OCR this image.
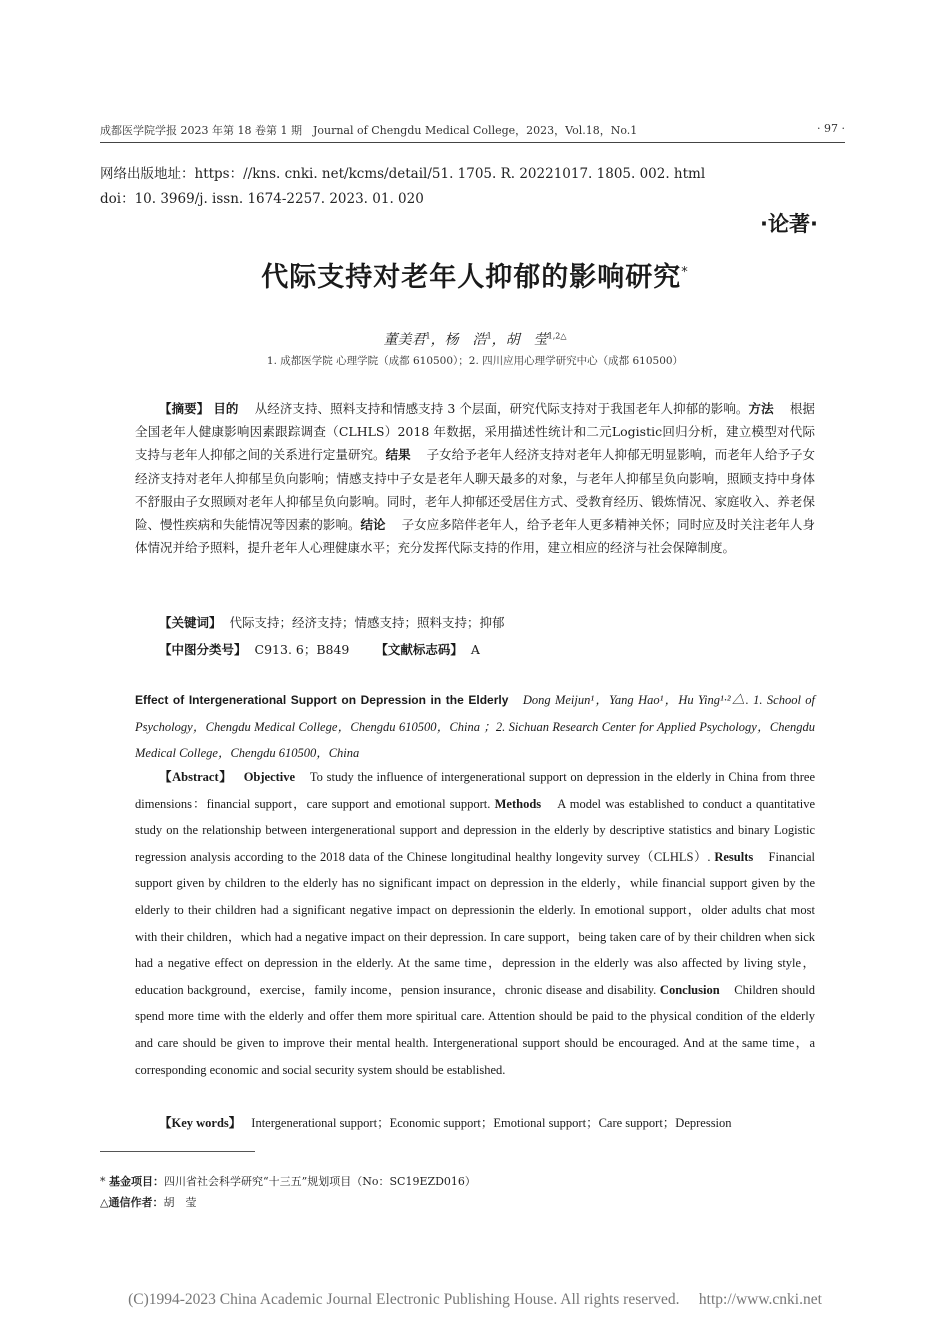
成都医学院学报 2023 年第 18 卷第 1 期　Journal of Chengdu Medical College，2023，Vol.18，No.1	· 97 ·
网络出版地址：https：//kns. cnki. net/kcms/detail/51. 1705. R. 20221017. 1805. 002. html
doi：10. 3969/j. issn. 1674-2257. 2023. 01. 020
·论著·
代际支持对老年人抑郁的影响研究*
董美君$^1$，杨　浩$^1$，胡　莹$^{1,2\triangle}$
1. 成都医学院 心理学院（成都 610500）；2. 四川应用心理学研究中心（成都 610500）
【摘要】 目的 从经济支持、照料支持和情感支持 3 个层面，研究代际支持对于我国老年人抑郁的影响。方法 根据全国老年人健康影响因素跟踪调查（CLHLS）2018 年数据，采用描述性统计和二元Logistic回归分析，建立模型对代际支持与老年人抑郁之间的关系进行定量研究。结果 子女给予老年人经济支持对老年人抑郁无明显影响，而老年人给予子女经济支持对老年人抑郁呈负向影响；情感支持中子女是老年人聊天最多的对象，与老年人抑郁呈负向影响，照顾支持中身体不舒服由子女照顾对老年人抑郁呈负向影响。同时，老年人抑郁还受居住方式、受教育经历、锻炼情况、家庭收入、养老保险、慢性疾病和失能情况等因素的影响。结论 子女应多陪伴老年人，给予老年人更多精神关怀；同时应及时关注老年人身体情况并给予照料，提升老年人心理健康水平；充分发挥代际支持的作用，建立相应的经济与社会保障制度。
【关键词】 代际支持；经济支持；情感支持；照料支持；抑郁
【中图分类号】 C913. 6；B849 【文献标志码】 A
Effect of Intergenerational Support on Depression in the Elderly Dong Meijun¹，Yang Hao¹，Hu Ying¹·²△. 1. School of Psychology，Chengdu Medical College，Chengdu 610500，China ；2. Sichuan Research Center for Applied Psychology，Chengdu Medical College，Chengdu 610500，China
【Abstract】 Objective To study the influence of intergenerational support on depression in the elderly in China from three dimensions：financial support，care support and emotional support. Methods A model was established to conduct a quantitative study on the relationship between intergenerational support and depression in the elderly by descriptive statistics and binary Logistic regression analysis according to the 2018 data of the Chinese longitudinal healthy longevity survey（CLHLS）. Results Financial support given by children to the elderly has no significant impact on depression in the elderly，while financial support given by the elderly to their children had a significant negative impact on depressionin the elderly. In emotional support，older adults chat most with their children，which had a negative impact on their depression. In care support，being taken care of by their children when sick had a negative effect on depression in the elderly. At the same time，depression in the elderly was also affected by living style，education background，exercise，family income，pension insurance，chronic disease and disability. Conclusion Children should spend more time with the elderly and offer them more spiritual care. Attention should be paid to the physical condition of the elderly and care should be given to improve their mental health. Intergenerational support should be encouraged. And at the same time，a corresponding economic and social security system should be established.
【Key words】 Intergenerational support；Economic support；Emotional support；Care support；Depression
* 基金项目：四川省社会科学研究“十三五”规划项目（No：SC19EZD016）
△通信作者：胡　莹
(C)1994-2023 China Academic Journal Electronic Publishing House. All rights reserved.　 http://www.cnki.net
